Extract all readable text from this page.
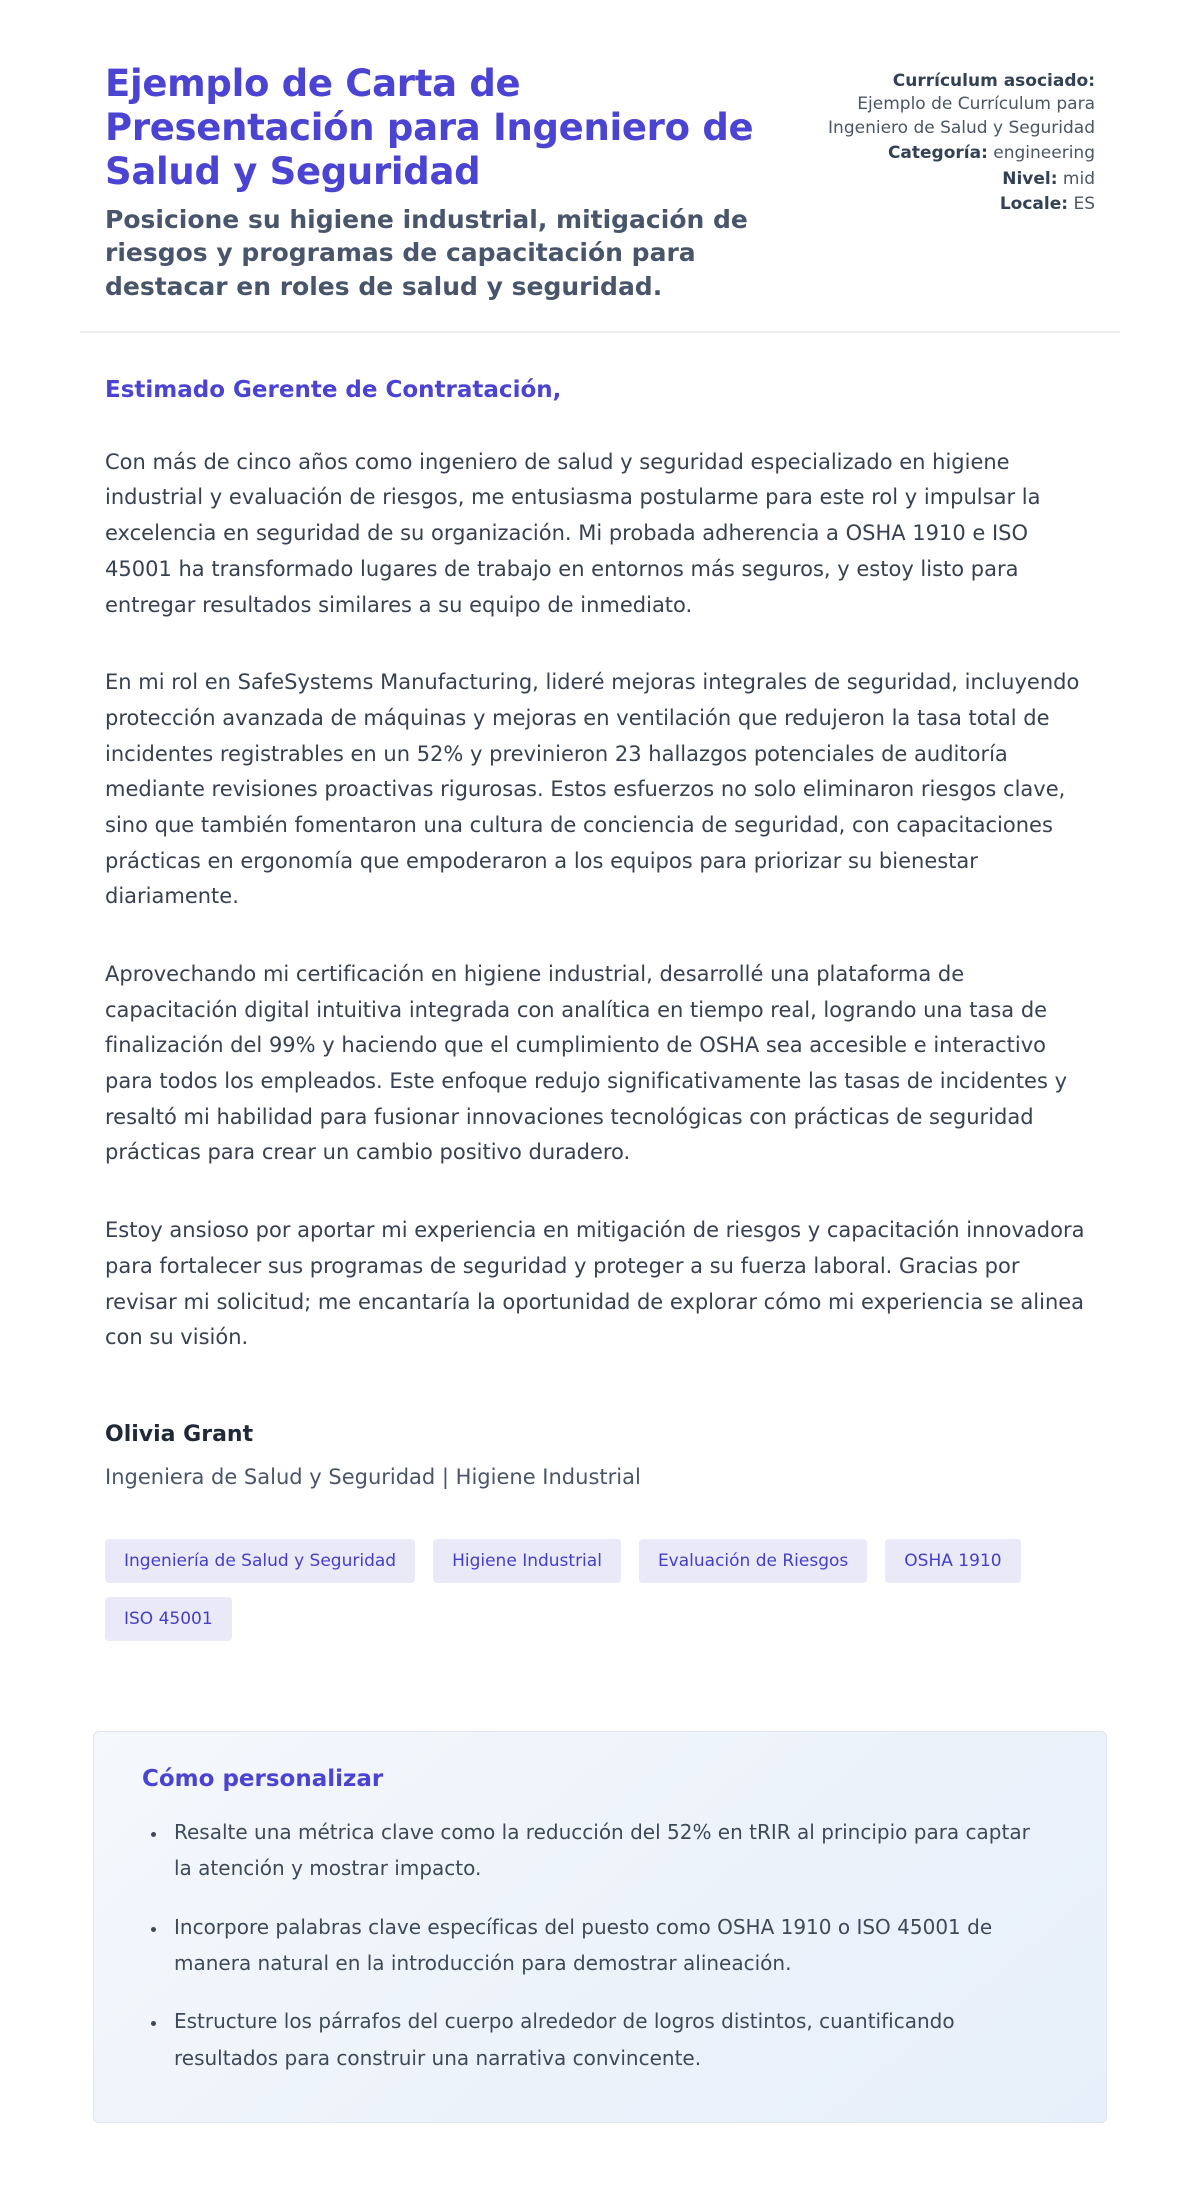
Ejemplo de Carta de Presentación para Ingeniero de Salud y Seguridad
Posicione su higiene industrial, mitigación de riesgos y programas de capacitación para destacar en roles de salud y seguridad.
Currículum asociado:
Ejemplo de Currículum para Ingeniero de Salud y Seguridad
Categoría: engineering
Nivel: mid
Locale: ES

Estimado Gerente de Contratación,

Con más de cinco años como ingeniero de salud y seguridad especializado en higiene industrial y evaluación de riesgos, me entusiasma postularme para este rol y impulsar la excelencia en seguridad de su organización. Mi probada adherencia a OSHA 1910 e ISO 45001 ha transformado lugares de trabajo en entornos más seguros, y estoy listo para entregar resultados similares a su equipo de inmediato.

En mi rol en SafeSystems Manufacturing, lideré mejoras integrales de seguridad, incluyendo protección avanzada de máquinas y mejoras en ventilación que redujeron la tasa total de incidentes registrables en un 52% y previnieron 23 hallazgos potenciales de auditoría mediante revisiones proactivas rigurosas. Estos esfuerzos no solo eliminaron riesgos clave, sino que también fomentaron una cultura de conciencia de seguridad, con capacitaciones prácticas en ergonomía que empoderaron a los equipos para priorizar su bienestar diariamente.

Aprovechando mi certificación en higiene industrial, desarrollé una plataforma de capacitación digital intuitiva integrada con analítica en tiempo real, logrando una tasa de finalización del 99% y haciendo que el cumplimiento de OSHA sea accesible e interactivo para todos los empleados. Este enfoque redujo significativamente las tasas de incidentes y resaltó mi habilidad para fusionar innovaciones tecnológicas con prácticas de seguridad prácticas para crear un cambio positivo duradero.

Estoy ansioso por aportar mi experiencia en mitigación de riesgos y capacitación innovadora para fortalecer sus programas de seguridad y proteger a su fuerza laboral. Gracias por revisar mi solicitud; me encantaría la oportunidad de explorar cómo mi experiencia se alinea con su visión.

Olivia Grant

Ingeniera de Salud y Seguridad | Higiene Industrial

Ingeniería de Salud y Seguridad	Higiene Industrial	Evaluación de Riesgos	OSHA 1910
ISO 45001
Cómo personalizar
• Resalte una métrica clave como la reducción del 52% en tRIR al principio para captar la atención y mostrar impacto.
• Incorpore palabras clave específicas del puesto como OSHA 1910 o ISO 45001 de manera natural en la introducción para demostrar alineación.
• Estructure los párrafos del cuerpo alrededor de logros distintos, cuantificando resultados para construir una narrativa convincente.
